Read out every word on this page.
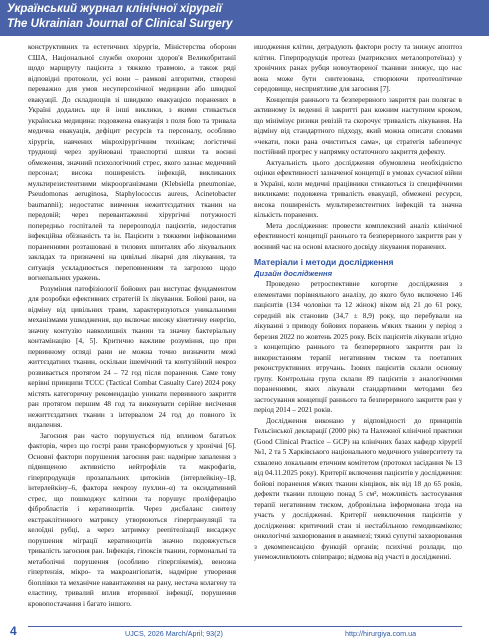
Український журнал клінічної хірургії
The Ukrainian Journal of Clinical Surgery

конструктивних та естетичних хірургів, Міністерства оборони США, Національної служби охорони здоров'я Великобританії щодо маршруту пацієнта з тяжкою травмою, а також ряді відповідні протоколи, усі вони – рамкові алгоритми, створені переважно для умов несуперсонічної медицини або швидкої евакуації. До складнощів зі швидкою евакуацією поранених в Україні додались ще й інші виклики, з якими стикається українська медицина: подовжена евакуація з поля бою та тривала медична евакуація, дефіцит ресурсів та персоналу, особливо хірургів, навчених мікрохірургічним технікам; логістичні труднощі через зруйновані транспортні шляхи та воєнні обмеження, значний психологічний стрес, якого зазнає медичний персонал; висока поширеність інфекцій, викликаних мультирезистентними мікроорганізмами (Klebsiella pneumoniae, Pseudomonas aeruginosa, Staphylococcus aureus, Acinetobacter baumannii); недостатнє вивчення нежиттєздатних тканин на передовій; через перевантаженні хірургічні потужності попередньо госпіталей та перерозподіл пацієнтів, недостатня інфекційна обізнаність та ін. Пацієнти з тяжкими інфікованими пораненнями розташовані в тилових шпиталях або лікувальних закладах та призначені на цивільні лікарні для лікування, та ситуація ускладнюється переповненням та загрозою щодо вогнепальних уражень.

Розуміння патофізіології бойових ран виступає фундаментом для розробки ефективних стратегій їх лікування. Бойові рани, на відміну від цивільних травм, характеризуються уникальними механізмами ушкодження, що включає високу кінетичну енергію, значну контузію навколишніх тканин та значну бактеріальну контамінацію [4, 5]. Критично важливе розуміння, що при первинному огляді рани не можна точно визначити межі життєздатних тканин, оскільки ішемічний та контузійний некроз розвивається протягом 24 – 72 год після поранення. Саме тому керівні принципи TCCC (Tactical Combat Casualty Care) 2024 року містять категоричну рекомендацію уникати первинного закриття ран протягом першим 48 год та виконувати серійне висічення нежиттєздатних тканин з інтервалом 24 год до повного їх видалення.

Загоєння ран часто порушується під впливом багатьох факторів, через що гострі рани трансформуються у хронічні [6]. Основні фактори порушення загоєння ран: надмірне запалення з підвищеною активністю нейтрофілів та макрофагів, гіперпродукція прозапальних цитокінів (інтерлейкіну–1β, інтерлейкіну–6, фактора некрозу пухлин–α) та оксидативний стрес, що пошкоджує клітини та порушує проліферацію фібробластів і кератиноцитів. Через дисбаланс синтезу екстраклітинного матриксу утворюються гіпергрануляції та келоїдні рубці, а через затримку реепітелізації висаджує порушення міграції кератиноцитів значно подовжується тривалість загоєння ран. Інфекція, гіпоксія тканин, гормональні та метаболічні порушення (особливо гіперглікемія), венозна гіпертензія, мікро- та макроангіопатія, надмірне утворення біоплівки та механічне навантаження на рану, нестача колагену та еластину, тривалий вплив вторинної інфекції, порушення кровопостачання і багато іншого.

ишодження клітин, деградують фактори росту та знижує апоптоз клітин. Гіперпродукція протеаз (матриксних металопротеїназ) у хронічних ранах рубця новоутвореної тканини знижує, що нас вона може бути синтезована, створюючи протеолітичне середовище, несприятливе для загоєння [7].

Концепція раннього та безперервного закриття ран полягає в активному їх веденні й закритті ран кожним наступним кроком, що мінімізує ризики ревізій та скорочує тривалість лікування. На відміну від стандартного підходу, який можна описати словами «чекати, поки рана очиститься сама», ця стратегія забезпечує постійний прогрес у напрямку остаточного закриття дефекту.

Актуальність цього дослідження обумовлена необхідністю оцінки ефективності зазначеної концепції в умовах сучасної війни в Україні, коли медичні працівники стикаються із специфічними викликами: подовжена тривалість евакуації, обмежені ресурси, висока поширеність мультирезистентних інфекцій та значна кількість поранених.

Мета дослідження: провести комплексний аналіз клінічної ефективності концепції раннього та безперервного закриття ран у воєнний час на основі власного досвіду лікування поранених.

Матеріали і методи дослідження
Дизайн дослідження

Проведено ретроспективне когортне дослідження з елементами порівняльного аналізу, до якого було включено 146 пацієнтів (134 чоловіки та 12 жінок) віком від 21 до 61 року, середній вік становив (34,7 ± 8,9) року, що перебували на лікуванні з приводу бойових поранень м'яких тканин у період з березня 2022 по жовтень 2025 року. Всіх пацієнтів лікували згідно з концепцією раннього та безперервного закриття ран із використанням терапії негативним тиском та поетапних реконструктивних втручань. Ізових пацієнтів склали основну групу. Контрольна група склали 89 пацієнтів з аналогічними пораненнями, яких лікували стандартними методами без застосування концепції раннього та безперервного закриття ран у період 2014 – 2021 років.

Дослідження виконано у відповідності до принципів Гельсінської декларації (2000 рік) та Належної клінічної практики (Good Clinical Practice – GCP) на клінічних базах кафедр хірургії №1, 2 та 5 Харківського національного медичного університету та схвалено локальним етичним комітетом (протокол засідання № 13 від 04.11.2025 року). Критерії включення пацієнтів у дослідження: бойові поранення м'яких тканин кінцівок, вік від 18 до 65 років, дефекти тканин площею понад 5 см², можливість застосування терапії негативним тиском, добровільна інформована згода на участь у дослідженні. Критерії невключення пацієнтів у дослідження: критичний стан зі нестабільною гемодинамікою; онкологічні захворювання в анамнезі; тяжкі супутні захворювання з декомпенсацією функцій органів; психічні розлади, що унеможливлюють співпрацю; відмова від участі в дослідженні.

4	UJCS, 2026 March/April; 93(2)	http://hirurgiya.com.ua
